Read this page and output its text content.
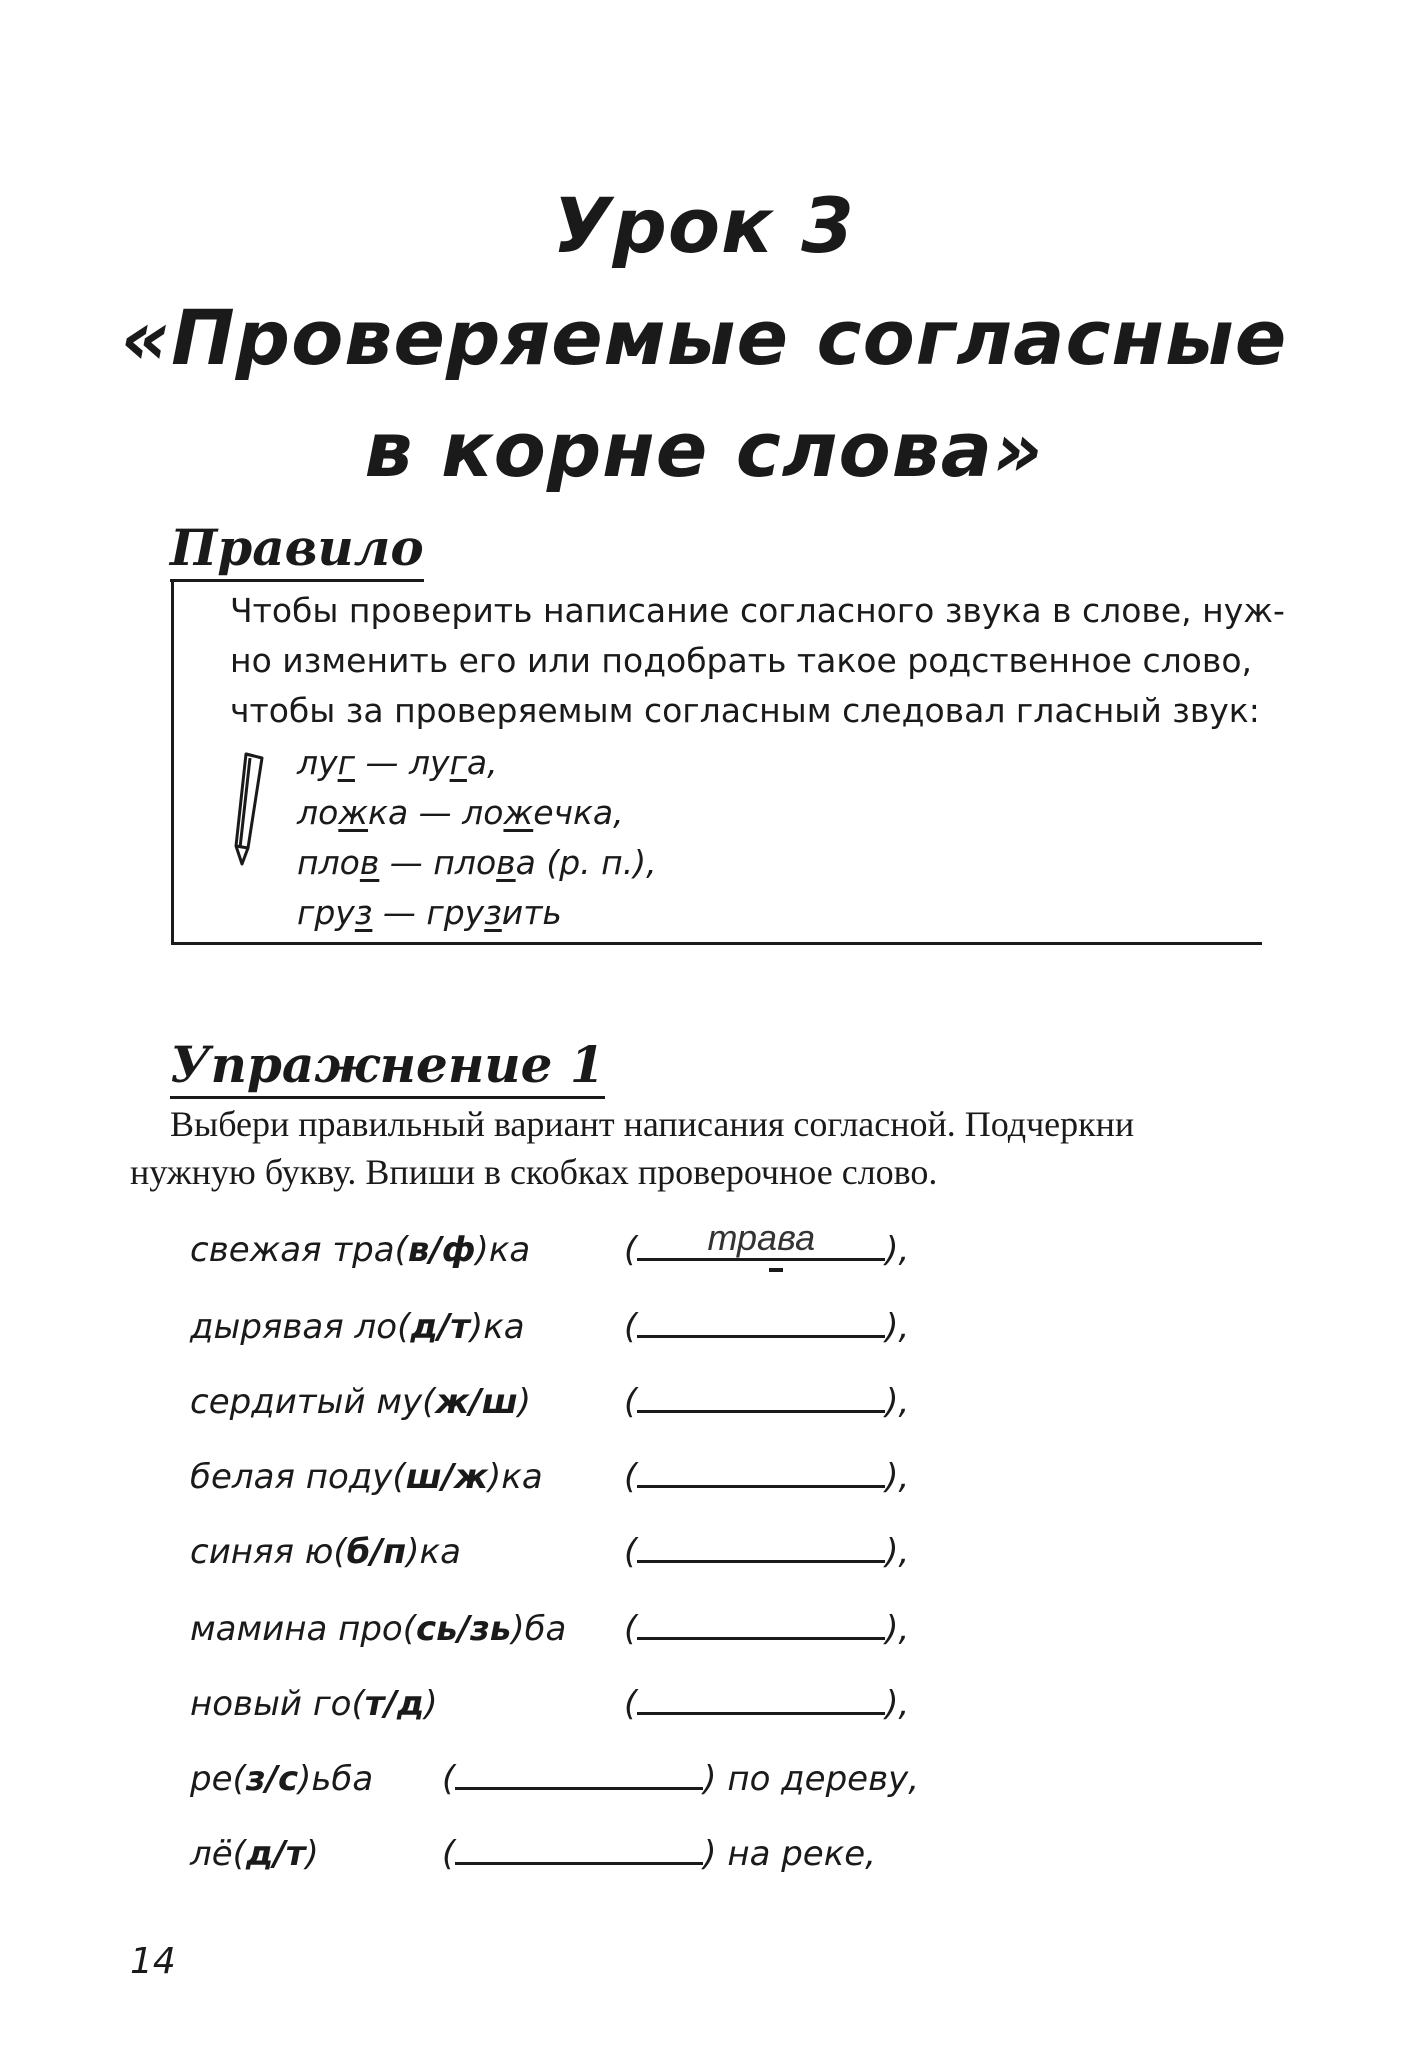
Урок 3
«Проверяемые согласные
в корне слова»
Правило
Чтобы проверить написание согласного звука в слове, нуж-
но изменить его или подобрать такое родственное слово,
чтобы за проверяемым согласным следовал гласный звук:
луг — луга,
ложка — ложечка,
плов — плова (р. п.),
груз — грузить
Упражнение 1
Выбери правильный вариант написания согласной. Подчеркни
нужную букву. Впиши в скобках проверочное слово.
свежая тра(в/ф)ка	(	трава	),
дырявая ло(д/т)ка	(	),
сердитый му(ж/ш)	(	),
белая поду(ш/ж)ка (	),
синяя ю(б/п)ка	(	),
мамина про(сь/зь)ба (	),
новый го(т/д)	(	),
ре(з/с)ьба (	) по дереву,
лё(д/т)	(	) на реке,
14
